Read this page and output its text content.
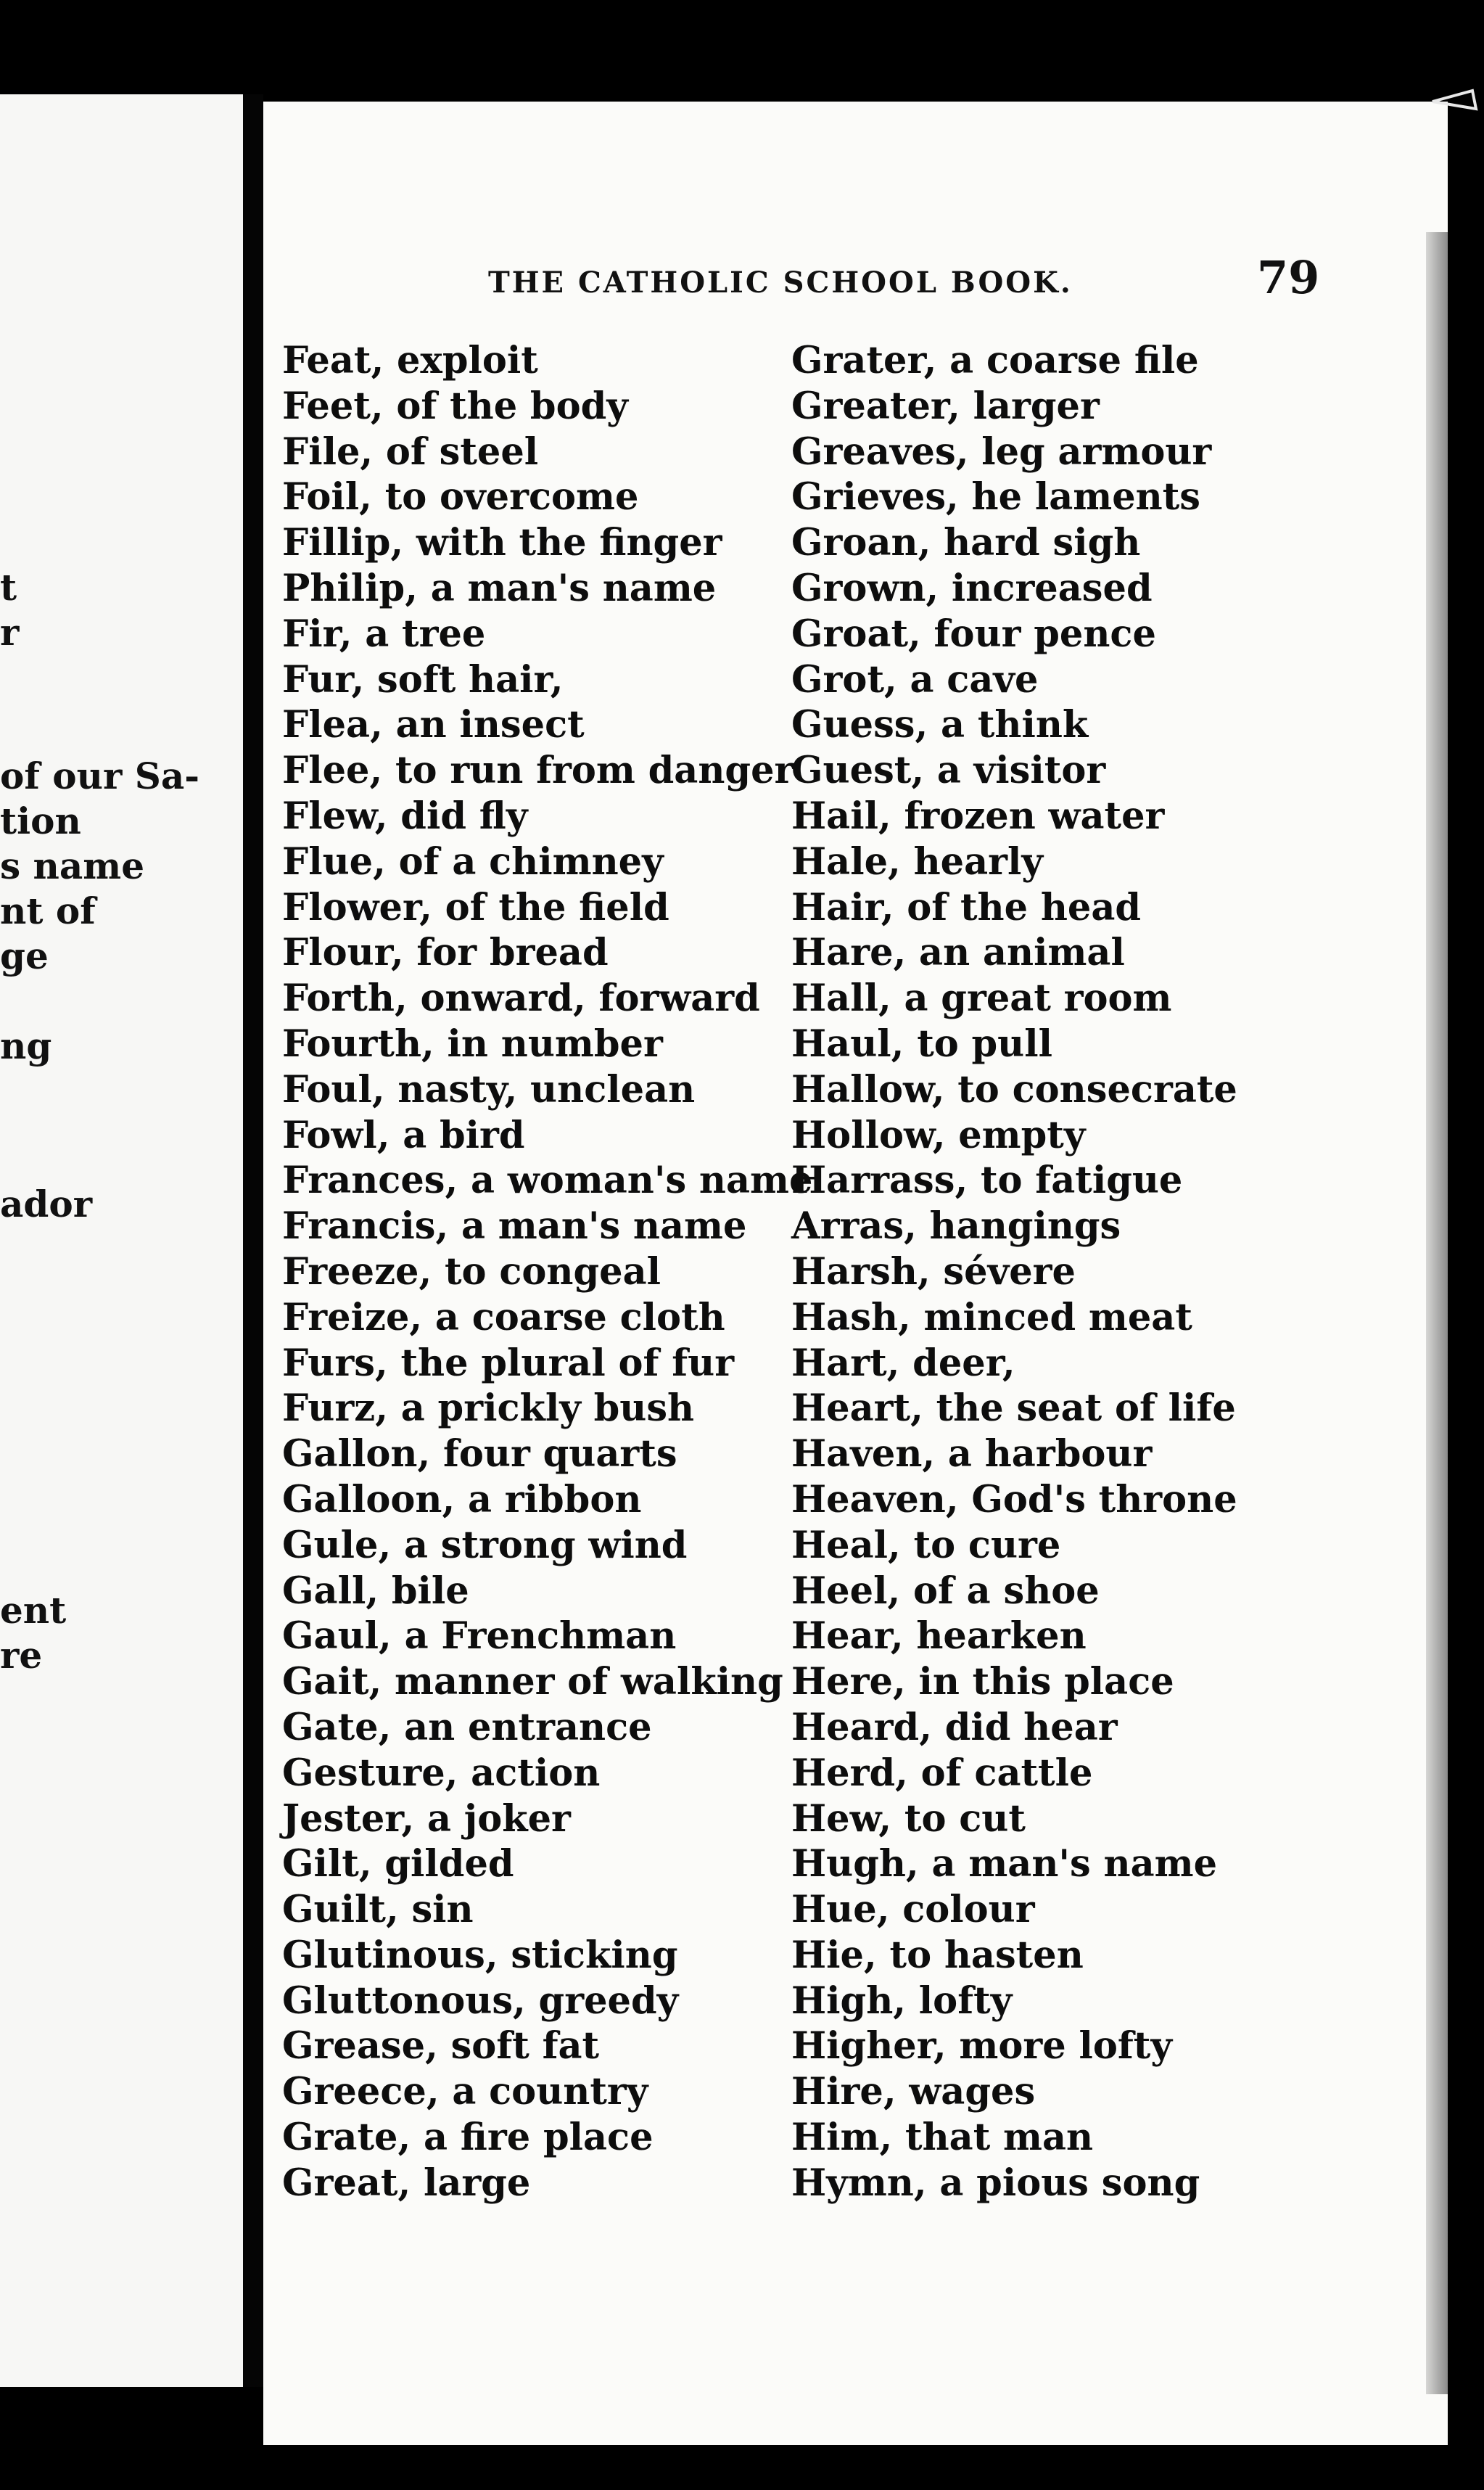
t
r
of our Sa-
tion
s name
nt of
ge
ng
ador
ent
re
THE CATHOLIC SCHOOL BOOK.	79
Feat, exploit
Feet, of the body
File, of steel
Foil, to overcome
Fillip, with the finger
Philip, a man's name
Fir, a tree
Fur, soft hair,
Flea, an insect
Flee, to run from danger
Flew, did fly
Flue, of a chimney
Flower, of the field
Flour, for bread
Forth, onward, forward
Fourth, in number
Foul, nasty, unclean
Fowl, a bird
Frances, a woman's name
Francis, a man's name
Freeze, to congeal
Freize, a coarse cloth
Furs, the plural of fur
Furz, a prickly bush
Gallon, four quarts
Galloon, a ribbon
Gule, a strong wind
Gall, bile
Gaul, a Frenchman
Gait, manner of walking
Gate, an entrance
Gesture, action
Jester, a joker
Gilt, gilded
Guilt, sin
Glutinous, sticking
Gluttonous, greedy
Grease, soft fat
Greece, a country
Grate, a fire place
Great, large
Grater, a coarse file
Greater, larger
Greaves, leg armour
Grieves, he laments
Groan, hard sigh
Grown, increased
Groat, four pence
Grot, a cave
Guess, a think
Guest, a visitor
Hail, frozen water
Hale, hearly
Hair, of the head
Hare, an animal
Hall, a great room
Haul, to pull
Hallow, to consecrate
Hollow, empty
Harrass, to fatigue
Arras, hangings
Harsh, sévere
Hash, minced meat
Hart, deer,
Heart, the seat of life
Haven, a harbour
Heaven, God's throne
Heal, to cure
Heel, of a shoe
Hear, hearken
Here, in this place
Heard, did hear
Herd, of cattle
Hew, to cut
Hugh, a man's name
Hue, colour
Hie, to hasten
High, lofty
Higher, more lofty
Hire, wages
Him, that man
Hymn, a pious song
